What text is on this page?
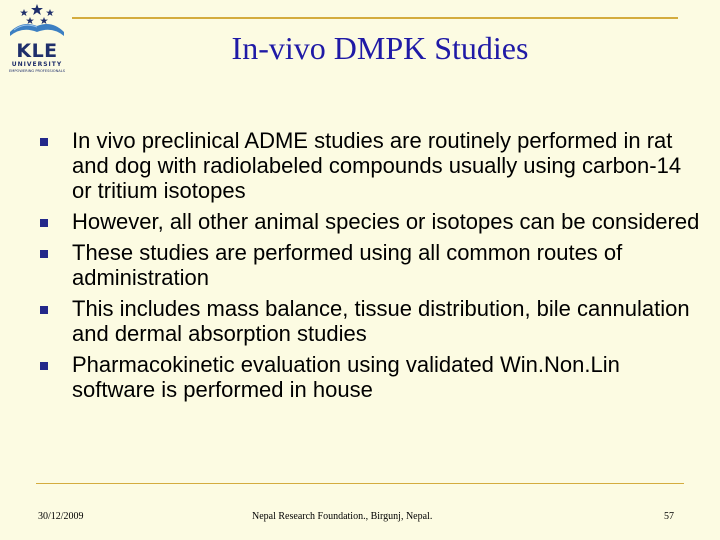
KLE
UNIVERSITY
EMPOWERING PROFESSIONALS
In-vivo DMPK Studies
In vivo preclinical ADME studies are routinely performed in rat and dog with radiolabeled compounds usually using carbon-14 or tritium isotopes
However, all other animal species or isotopes can be considered
These studies are performed using all common routes of administration
This includes mass balance, tissue distribution, bile cannulation and dermal absorption studies
Pharmacokinetic evaluation using validated Win.Non.Lin software is performed in house
30/12/2009	Nepal Research Foundation., Birgunj, Nepal.	57
